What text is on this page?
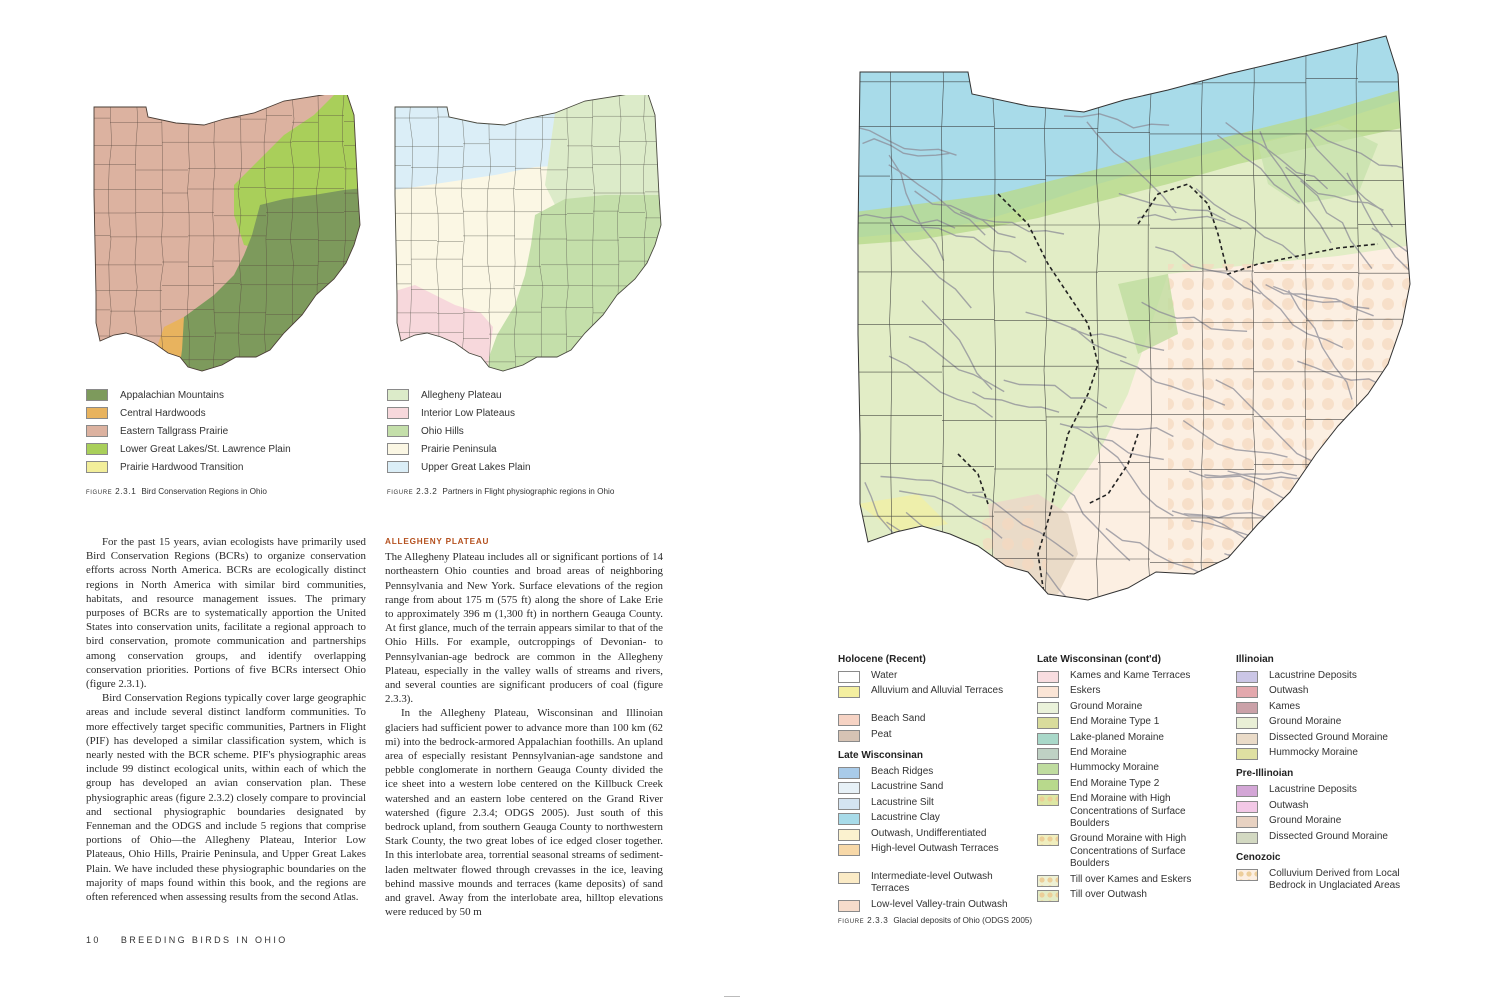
Appalachian Mountains
Central Hardwoods
Eastern Tallgrass Prairie
Lower Great Lakes/St. Lawrence Plain
Prairie Hardwood Transition
figure 2.3.1 Bird Conservation Regions in Ohio
Allegheny Plateau
Interior Low Plateaus
Ohio Hills
Prairie Peninsula
Upper Great Lakes Plain
figure 2.3.2 Partners in Flight physiographic regions in Ohio

For the past 15 years, avian ecologists have primarily used Bird Conservation Regions (BCRs) to organize conservation efforts across North America. BCRs are ecologically distinct regions in North America with similar bird communities, habitats, and resource management issues. The primary purposes of BCRs are to systematically apportion the United States into conservation units, facilitate a regional approach to bird conservation, promote communication and partnerships among conservation groups, and identify overlapping conservation priorities. Portions of five BCRs intersect Ohio (figure 2.3.1).

Bird Conservation Regions typically cover large geographic areas and include several distinct landform communities. To more effectively target specific communities, Partners in Flight (PIF) has developed a similar classification system, which is nearly nested with the BCR scheme. PIF's physiographic areas include 99 distinct ecological units, within each of which the group has developed an avian conservation plan. These physiographic areas (figure 2.3.2) closely compare to provincial and sectional physiographic boundaries designated by Fenneman and the ODGS and include 5 regions that comprise portions of Ohio—the Allegheny Plateau, Interior Low Plateaus, Ohio Hills, Prairie Peninsula, and Upper Great Lakes Plain. We have included these physiographic boundaries on the majority of maps found within this book, and the regions are often referenced when assessing results from the second Atlas.

ALLEGHENY PLATEAU

The Allegheny Plateau includes all or significant portions of 14 northeastern Ohio counties and broad areas of neighboring Pennsylvania and New York. Surface elevations of the region range from about 175 m (575 ft) along the shore of Lake Erie to approximately 396 m (1,300 ft) in northern Geauga County. At first glance, much of the terrain appears similar to that of the Ohio Hills. For example, outcroppings of Devonian- to Pennsylvanian-age bedrock are common in the Allegheny Plateau, especially in the valley walls of streams and rivers, and several counties are significant producers of coal (figure 2.3.3).

In the Allegheny Plateau, Wisconsinan and Illinoian glaciers had sufficient power to advance more than 100 km (62 mi) into the bedrock-armored Appalachian foothills. An upland area of especially resistant Pennsylvanian-age sandstone and pebble conglomerate in northern Geauga County divided the ice sheet into a western lobe centered on the Killbuck Creek watershed and an eastern lobe centered on the Grand River watershed (figure 2.3.4; ODGS 2005). Just south of this bedrock upland, from southern Geauga County to northwestern Stark County, the two great lobes of ice edged closer together. In this interlobate area, torrential seasonal streams of sediment-laden meltwater flowed through crevasses in the ice, leaving behind massive mounds and terraces (kame deposits) of sand and gravel. Away from the interlobate area, hilltop elevations were reduced by 50 m

10 BREEDING BIRDS IN OHIO
Holocene (Recent)
Water
Alluvium and Alluvial Terraces
Beach Sand
Peat
Late Wisconsinan
Beach Ridges
Lacustrine Sand
Lacustrine Silt
Lacustrine Clay
Outwash, Undifferentiated
High-level Outwash Terraces
Intermediate-level Outwash Terraces
Low-level Valley-train Outwash
Late Wisconsinan (cont'd)
Kames and Kame Terraces
Eskers
Ground Moraine
End Moraine Type 1
Lake-planed Moraine
End Moraine
Hummocky Moraine
End Moraine Type 2
End Moraine with High Concentrations of Surface Boulders
Ground Moraine with High Concentrations of Surface Boulders
Till over Kames and Eskers
Till over Outwash
Illinoian
Lacustrine Deposits
Outwash
Kames
Ground Moraine
Dissected Ground Moraine
Hummocky Moraine
Pre-Illinoian
Lacustrine Deposits
Outwash
Ground Moraine
Dissected Ground Moraine
Cenozoic
Colluvium Derived from Local Bedrock in Unglaciated Areas
figure 2.3.3 Glacial deposits of Ohio (ODGS 2005)
